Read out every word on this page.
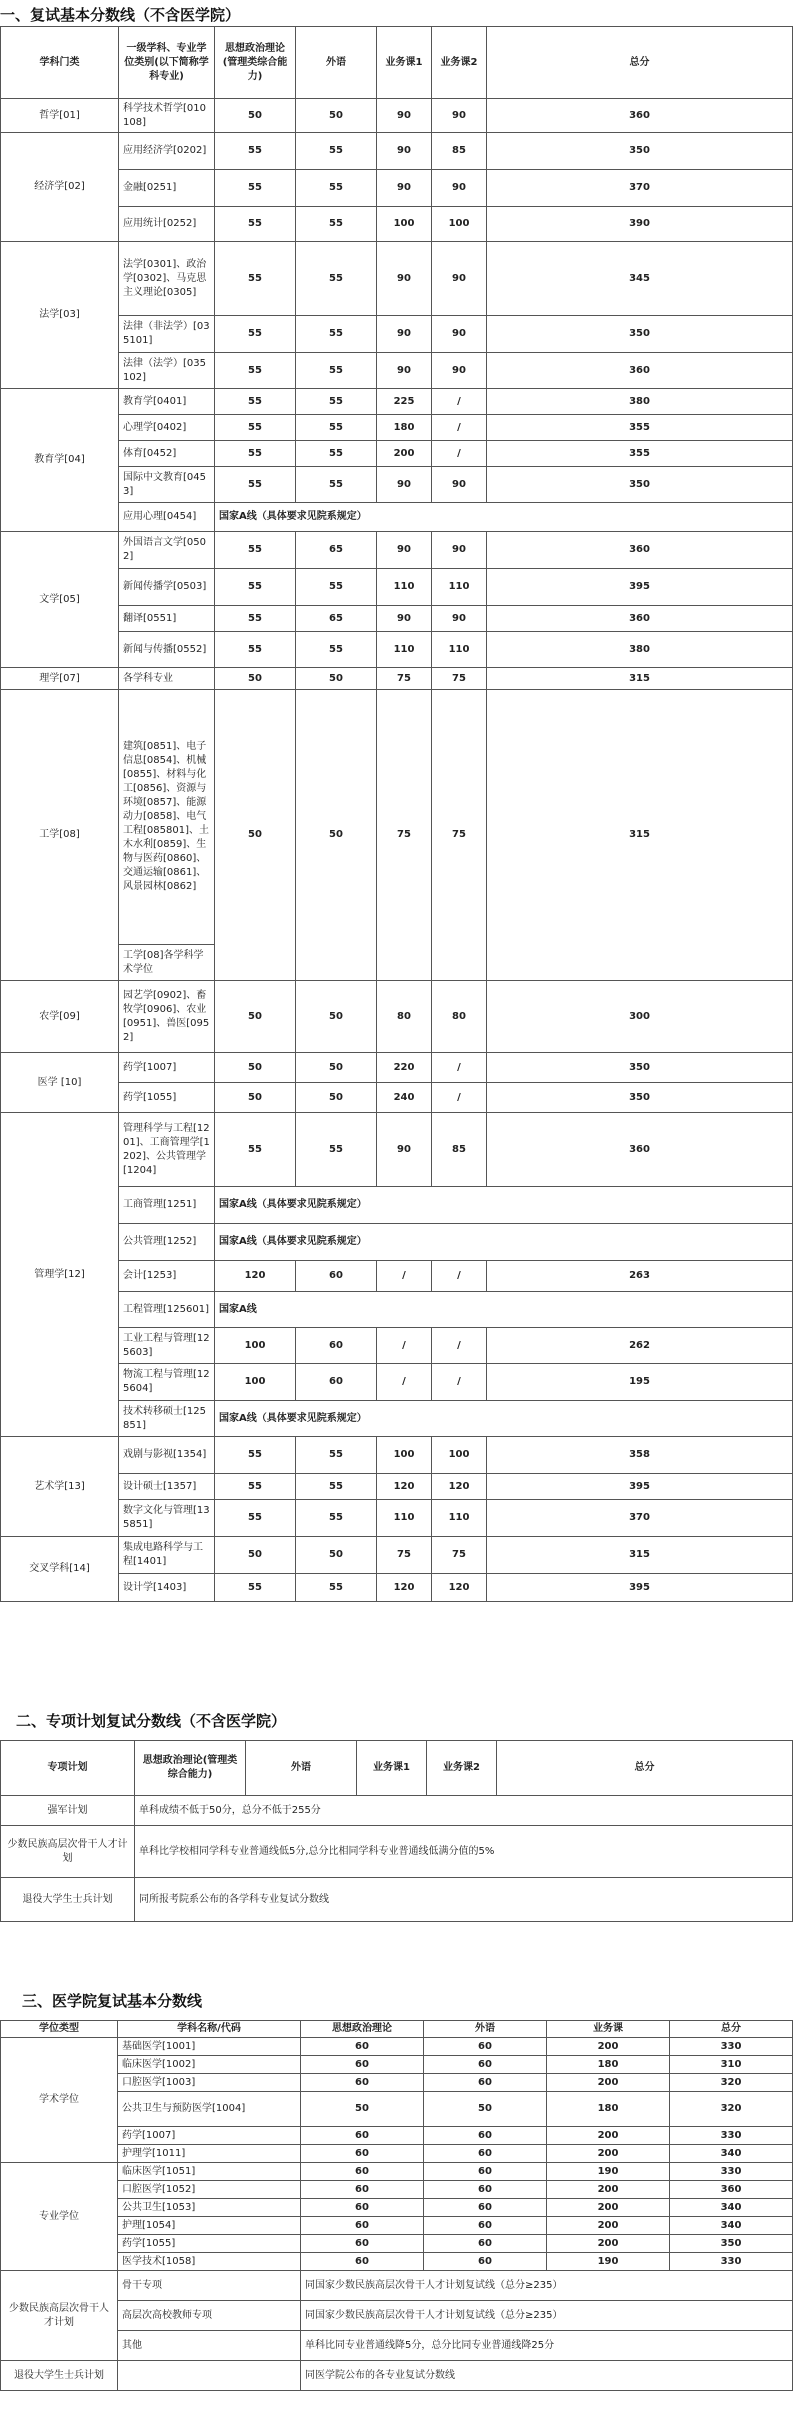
一、复试基本分数线（不含医学院）
学科门类	一级学科、专业学位类别(以下简称学科专业)	思想政治理论(管理类综合能力)	外语	业务课1	业务课2	总分
哲学[01]	科学技术哲学[010108]	50	50	90	90	360
经济学[02]	应用经济学[0202]	55	55	90	85	350
	金融[0251]	55	55	90	90	370
	应用统计[0252]	55	55	100	100	390
法学[03]	法学[0301]、政治学[0302]、马克思主义理论[0305]	55	55	90	90	345
	法律（非法学）[035101]	55	55	90	90	350
	法律（法学）[035102]	55	55	90	90	360
教育学[04]	教育学[0401]	55	55	225	/	380
	心理学[0402]	55	55	180	/	355
	体育[0452]	55	55	200	/	355
	国际中文教育[0453]	55	55	90	90	350
	应用心理[0454]	国家A线（具体要求见院系规定）				
文学[05]	外国语言文学[0502]	55	65	90	90	360
	新闻传播学[0503]	55	55	110	110	395
	翻译[0551]	55	65	90	90	360
	新闻与传播[0552]	55	55	110	110	380
理学[07]	各学科专业	50	50	75	75	315
工学[08]	建筑[0851]、电子信息[0854]、机械[0855]、材料与化工[0856]、资源与环境[0857]、能源动力[0858]、电气工程[085801]、土木水利[0859]、生物与医药[0860]、交通运输[0861]、风景园林[0862]	50	50	75	75	315
	工学[08]各学科学术学位					
农学[09]	园艺学[0902]、畜牧学[0906]、农业[0951]、兽医[0952]	50	50	80	80	300
医学 [10]	药学[1007]	50	50	220	/	350
	药学[1055]	50	50	240	/	350
管理学[12]	管理科学与工程[1201]、工商管理学[1202]、公共管理学[1204]	55	55	90	85	360
	工商管理[1251]	国家A线（具体要求见院系规定）				
	公共管理[1252]	国家A线（具体要求见院系规定）				
	会计[1253]	120	60	/	/	263
	工程管理[125601]	国家A线				
	工业工程与管理[125603]	100	60	/	/	262
	物流工程与管理[125604]	100	60	/	/	195
	技术转移硕士[125851]	国家A线（具体要求见院系规定）				
艺术学[13]	戏剧与影视[1354]	55	55	100	100	358
	设计硕士[1357]	55	55	120	120	395
	数字文化与管理[135851]	55	55	110	110	370
交叉学科[14]	集成电路科学与工程[1401]	50	50	75	75	315
	设计学[1403]	55	55	120	120	395
二、专项计划复试分数线（不含医学院）
专项计划	思想政治理论(管理类综合能力)	外语	业务课1	业务课2	总分
强军计划	单科成绩不低于50分，总分不低于255分				
少数民族高层次骨干人才计划	单科比学校相同学科专业普通线低5分,总分比相同学科专业普通线低满分值的5%				
退役大学生士兵计划	同所报考院系公布的各学科专业复试分数线				
三、医学院复试基本分数线
学位类型	学科名称/代码	思想政治理论	外语	业务课	总分
学术学位	基础医学[1001]	60	60	200	330
	临床医学[1002]	60	60	180	310
	口腔医学[1003]	60	60	200	320
	公共卫生与预防医学[1004]	50	50	180	320
	药学[1007]	60	60	200	330
	护理学[1011]	60	60	200	340
专业学位	临床医学[1051]	60	60	190	330
	口腔医学[1052]	60	60	200	360
	公共卫生[1053]	60	60	200	340
	护理[1054]	60	60	200	340
	药学[1055]	60	60	200	350
	医学技术[1058]	60	60	190	330
少数民族高层次骨干人才计划	骨干专项	同国家少数民族高层次骨干人才计划复试线（总分≥235）			
	高层次高校教师专项	同国家少数民族高层次骨干人才计划复试线（总分≥235）			
	其他	单科比同专业普通线降5分，总分比同专业普通线降25分			
退役大学生士兵计划		同医学院公布的各专业复试分数线			
